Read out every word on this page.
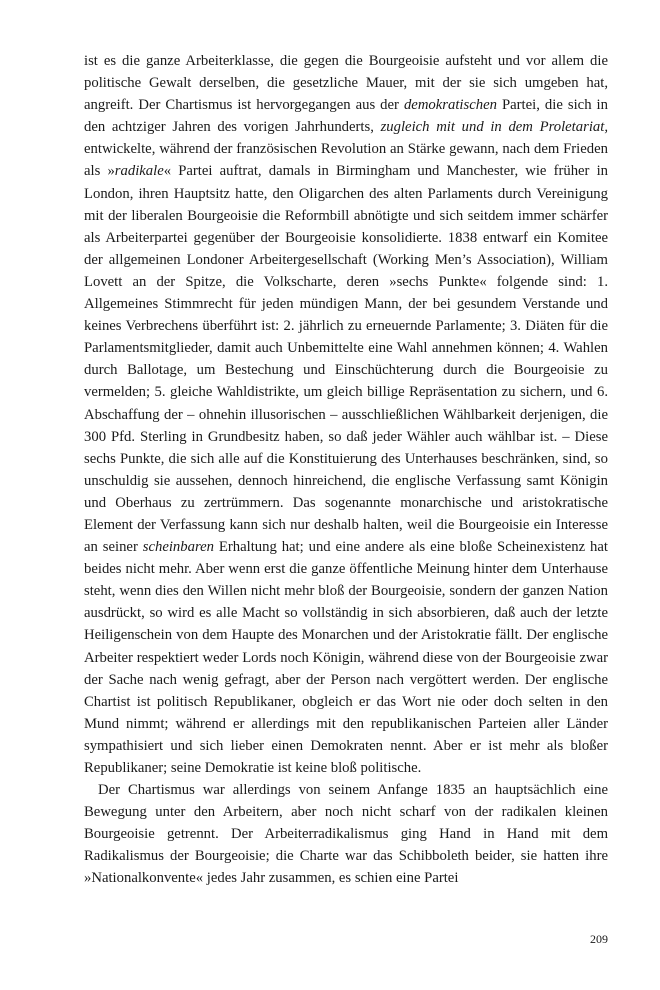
ist es die ganze Arbeiterklasse, die gegen die Bourgeoisie aufsteht und vor allem die politische Gewalt derselben, die gesetzliche Mauer, mit der sie sich umgeben hat, angreift. Der Chartismus ist hervorgegangen aus der demokratischen Partei, die sich in den achtziger Jahren des vorigen Jahrhunderts, zugleich mit und in dem Proletariat, entwickelte, während der französischen Revolution an Stärke gewann, nach dem Frieden als »radikale« Partei auftrat, damals in Birmingham und Manchester, wie früher in London, ihren Hauptsitz hatte, den Oligarchen des alten Parlaments durch Vereinigung mit der liberalen Bourgeoisie die Reformbill abnötigte und sich seitdem immer schärfer als Arbeiterpartei gegenüber der Bourgeoisie konsolidierte. 1838 entwarf ein Komitee der allgemeinen Londoner Arbeitergesellschaft (Working Men’s Association), William Lovett an der Spitze, die Volkscharte, deren »sechs Punkte« folgende sind: 1. Allgemeines Stimmrecht für jeden mündigen Mann, der bei gesundem Verstande und keines Verbrechens überführt ist: 2. jährlich zu erneuernde Parlamente; 3. Diäten für die Parlamentsmitglieder, damit auch Unbemittelte eine Wahl annehmen können; 4. Wahlen durch Ballotage, um Bestechung und Einschüchterung durch die Bourgeoisie zu vermelden; 5. gleiche Wahldistrikte, um gleich billige Repräsentation zu sichern, und 6. Abschaffung der – ohnehin illusorischen – ausschließlichen Wählbarkeit derjenigen, die 300 Pfd. Sterling in Grundbesitz haben, so daß jeder Wähler auch wählbar ist. – Diese sechs Punkte, die sich alle auf die Konstituierung des Unterhauses beschränken, sind, so unschuldig sie aussehen, dennoch hinreichend, die englische Verfassung samt Königin und Oberhaus zu zertrümmern. Das sogenannte monarchische und aristokratische Element der Verfassung kann sich nur deshalb halten, weil die Bourgeoisie ein Interesse an seiner scheinbaren Erhaltung hat; und eine andere als eine bloße Scheinexistenz hat beides nicht mehr. Aber wenn erst die ganze öffentliche Meinung hinter dem Unterhause steht, wenn dies den Willen nicht mehr bloß der Bourgeoisie, sondern der ganzen Nation ausdrückt, so wird es alle Macht so vollständig in sich absorbieren, daß auch der letzte Heiligenschein von dem Haupte des Monarchen und der Aristokratie fällt. Der englische Arbeiter respektiert weder Lords noch Königin, während diese von der Bourgeoisie zwar der Sache nach wenig gefragt, aber der Person nach vergöttert werden. Der englische Chartist ist politisch Republikaner, obgleich er das Wort nie oder doch selten in den Mund nimmt; während er allerdings mit den republikanischen Parteien aller Länder sympathisiert und sich lieber einen Demokraten nennt. Aber er ist mehr als bloßer Republikaner; seine Demokratie ist keine bloß politische.

Der Chartismus war allerdings von seinem Anfange 1835 an hauptsächlich eine Bewegung unter den Arbeitern, aber noch nicht scharf von der radikalen kleinen Bourgeoisie getrennt. Der Arbeiterradikalismus ging Hand in Hand mit dem Radikalismus der Bourgeoisie; die Charte war das Schibboleth beider, sie hatten ihre »Nationalkonvente« jedes Jahr zusammen, es schien eine Partei

209
